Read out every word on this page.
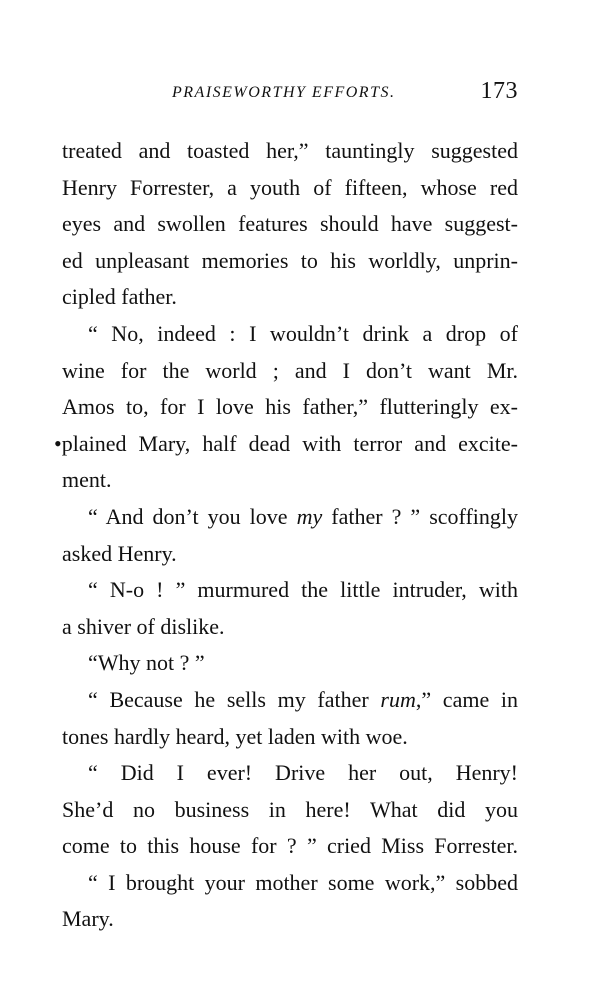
PRAISEWORTHY EFFORTS.	173
treated and toasted her,” tauntingly suggested
Henry Forrester, a youth of fifteen, whose red
eyes and swollen features should have suggest-
ed unpleasant memories to his worldly, unprin-
cipled father.
“ No, indeed : I wouldn’t drink a drop of
wine for the world ; and I don’t want Mr.
Amos to, for I love his father,” flutteringly ex-
•plained Mary, half dead with terror and excite-
ment.
“ And don’t you love my father ? ” scoffingly
asked Henry.
“ N-o ! ” murmured the little intruder, with
a shiver of dislike.
“Why not ? ”
“ Because he sells my father rum,” came in
tones hardly heard, yet laden with woe.
“ Did I ever! Drive her out, Henry!
She’d no business in here! What did you
come to this house for ? ” cried Miss Forrester.
“ I brought your mother some work,” sobbed
Mary.
